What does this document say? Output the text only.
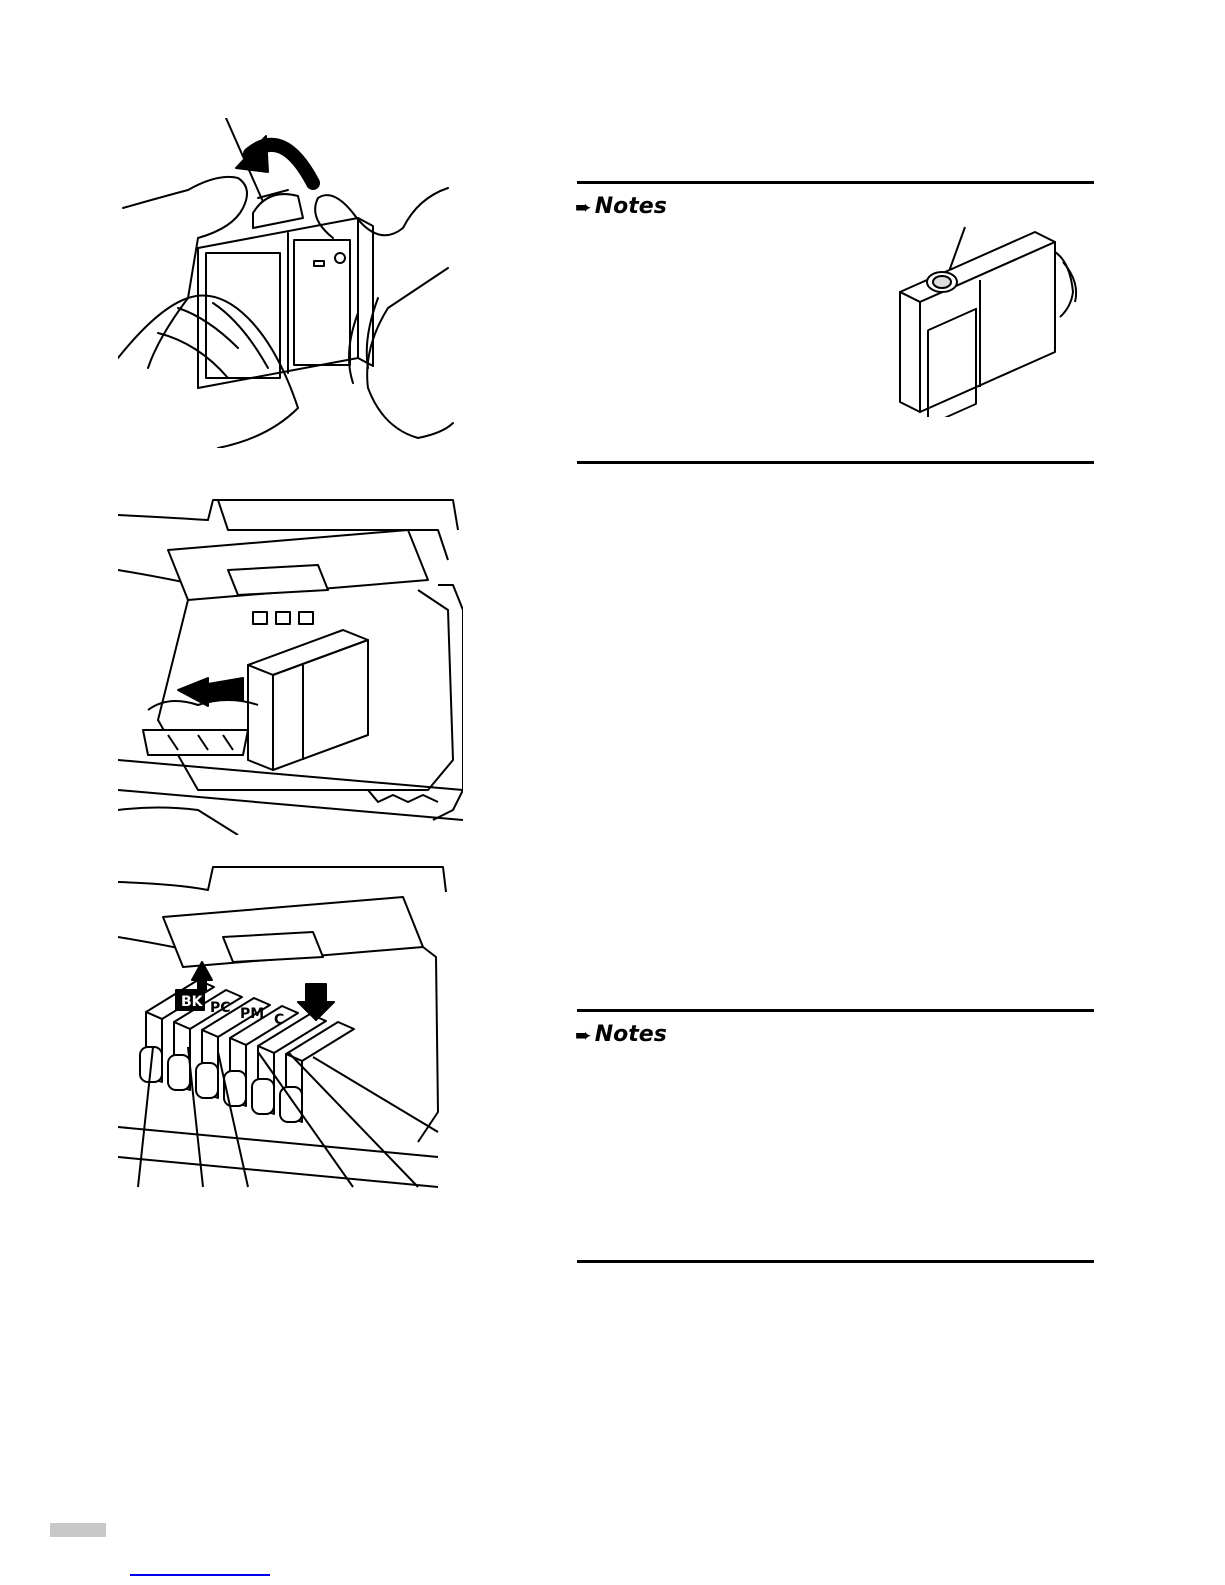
➨ Notes
BK PC PM C
➨ Notes
